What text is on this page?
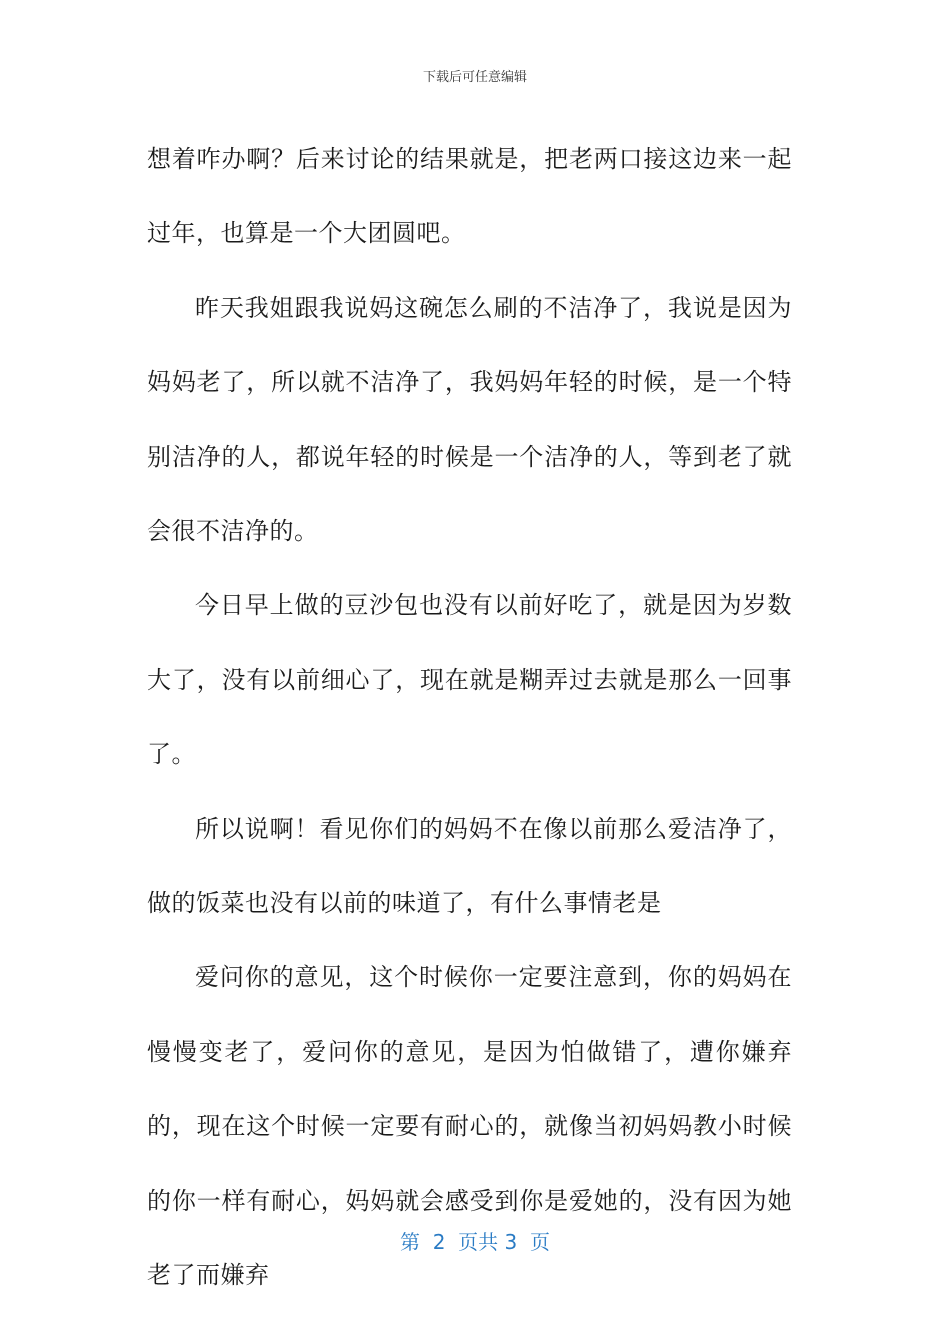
下载后可任意编辑

想着咋办啊？后来讨论的结果就是，把老两口接这边来一起过年，也算是一个大团圆吧。

昨天我姐跟我说妈这碗怎么刷的不洁净了，我说是因为妈妈老了，所以就不洁净了，我妈妈年轻的时候，是一个特别洁净的人，都说年轻的时候是一个洁净的人，等到老了就会很不洁净的。

今日早上做的豆沙包也没有以前好吃了，就是因为岁数大了，没有以前细心了，现在就是糊弄过去就是那么一回事了。

所以说啊！看见你们的妈妈不在像以前那么爱洁净了，做的饭菜也没有以前的味道了，有什么事情老是

爱问你的意见，这个时候你一定要注意到，你的妈妈在慢慢变老了，爱问你的意见，是因为怕做错了，遭你嫌弃的，现在这个时候一定要有耐心的，就像当初妈妈教小时候的你一样有耐心，妈妈就会感受到你是爱她的，没有因为她老了而嫌弃

第  2  页共 3  页
